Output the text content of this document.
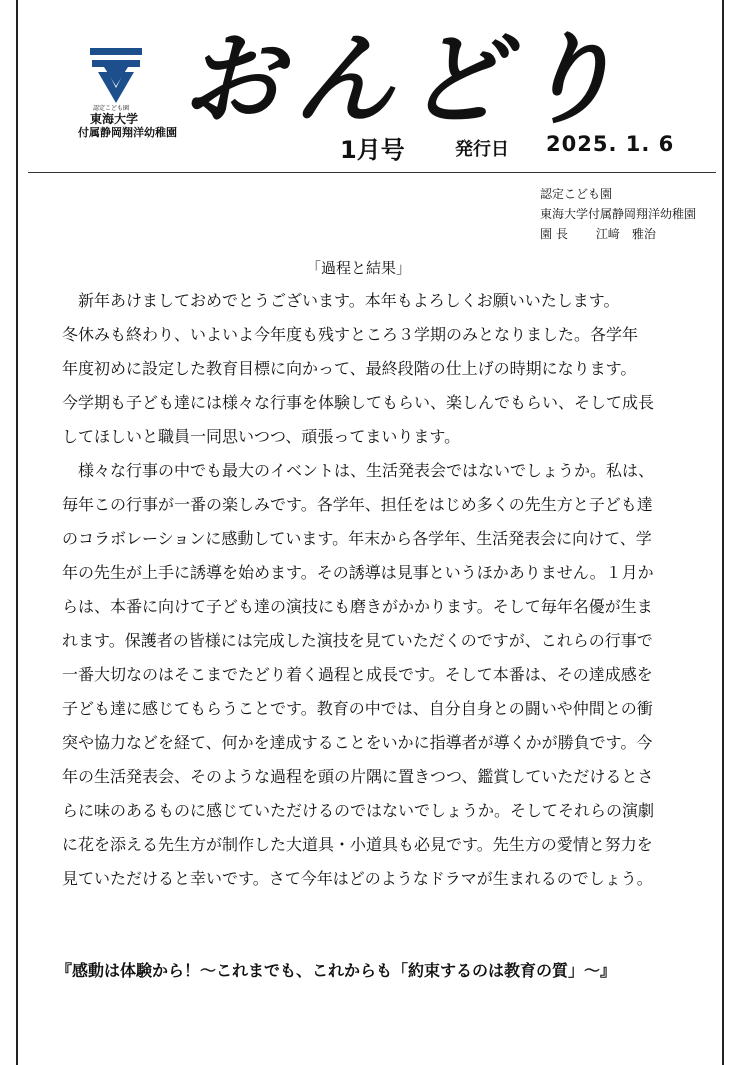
認定こども園
東海大学
付属静岡翔洋幼稚園 おんどり
1月号	発行日 2025. 1. 6
認定こども園
東海大学付属静岡翔洋幼稚園
園 長 江﨑　雅治
「過程と結果」
　新年あけましておめでとうございます。本年もよろしくお願いいたします。
冬休みも終わり、いよいよ今年度も残すところ３学期のみとなりました。各学年
年度初めに設定した教育目標に向かって、最終段階の仕上げの時期になります。
今学期も子ども達には様々な行事を体験してもらい、楽しんでもらい、そして成長
してほしいと職員一同思いつつ、頑張ってまいります。
　様々な行事の中でも最大のイベントは、生活発表会ではないでしょうか。私は、
毎年この行事が一番の楽しみです。各学年、担任をはじめ多くの先生方と子ども達
のコラボレーションに感動しています。年末から各学年、生活発表会に向けて、学
年の先生が上手に誘導を始めます。その誘導は見事というほかありません。１月か
らは、本番に向けて子ども達の演技にも磨きがかかります。そして毎年名優が生ま
れます。保護者の皆様には完成した演技を見ていただくのですが、これらの行事で
一番大切なのはそこまでたどり着く過程と成長です。そして本番は、その達成感を
子ども達に感じてもらうことです。教育の中では、自分自身との闘いや仲間との衝
突や協力などを経て、何かを達成することをいかに指導者が導くかが勝負です。今
年の生活発表会、そのような過程を頭の片隅に置きつつ、鑑賞していただけるとさ
らに味のあるものに感じていただけるのではないでしょうか。そしてそれらの演劇
に花を添える先生方が制作した大道具・小道具も必見です。先生方の愛情と努力を
見ていただけると幸いです。さて今年はどのようなドラマが生まれるのでしょう。
『感動は体験から！〜これまでも、これからも「約束するのは教育の質」〜』
